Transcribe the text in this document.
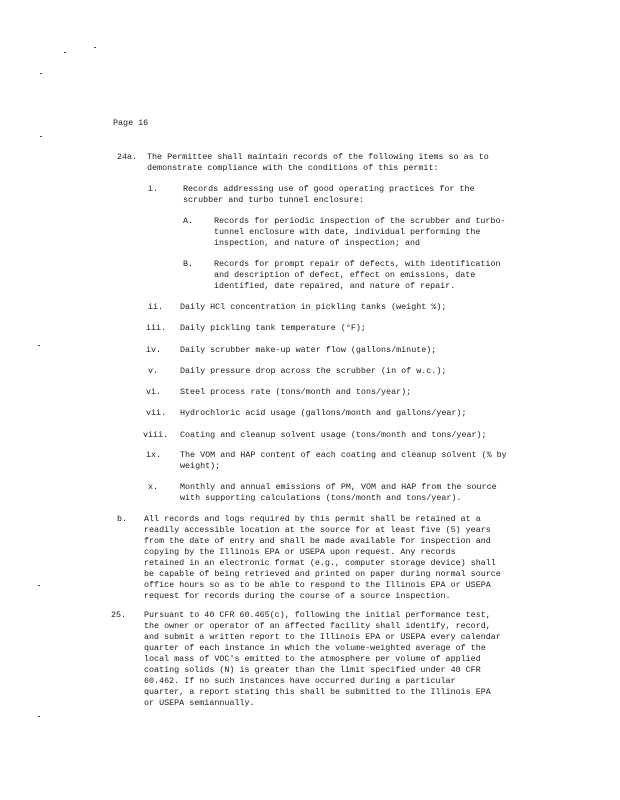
Page 16

24a. The Permittee shall maintain records of the following items so as to
demonstrate compliance with the conditions of this permit:

i.	Records addressing use of good operating practices for the
scrubber and turbo tunnel enclosure:

A. Records for periodic inspection of the scrubber and turbo-
tunnel enclosure with date, individual performing the
inspection, and nature of inspection; and

B. Records for prompt repair of defects, with identification
and description of defect, effect on emissions, date
identified, date repaired, and nature of repair.

ii. Daily HCl concentration in pickling tanks (weight %);

iii. Daily pickling tank temperature (°F);

iv. Daily scrubber make-up water flow (gallons/minute);

v.	Daily pressure drop across the scrubber (in of w.c.);

vi. Steel process rate (tons/month and tons/year);

vii. Hydrochloric acid usage (gallons/month and gallons/year);

viii. Coating and cleanup solvent usage (tons/month and tons/year);

ix. The VOM and HAP content of each coating and cleanup solvent (% by
weight);

x.	Monthly and annual emissions of PM, VOM and HAP from the source
with supporting calculations (tons/month and tons/year).

b. All records and logs required by this permit shall be retained at a
readily accessible location at the source for at least five (5) years
from the date of entry and shall be made available for inspection and
copying by the Illinois EPA or USEPA upon request. Any records
retained in an electronic format (e.g., computer storage device) shall
be capable of being retrieved and printed on paper during normal source
office hours so as to be able to respond to the Illinois EPA or USEPA
request for records during the course of a source inspection.

25. Pursuant to 40 CFR 60.465(c), following the initial performance test,
the owner or operator of an affected facility shall identify, record,
and submit a written report to the Illinois EPA or USEPA every calendar
quarter of each instance in which the volume-weighted average of the
local mass of VOC's emitted to the atmosphere per volume of applied
coating solids (N) is greater than the limit specified under 40 CFR
60.462. If no such instances have occurred during a particular
quarter, a report stating this shall be submitted to the Illinois EPA
or USEPA semiannually.
